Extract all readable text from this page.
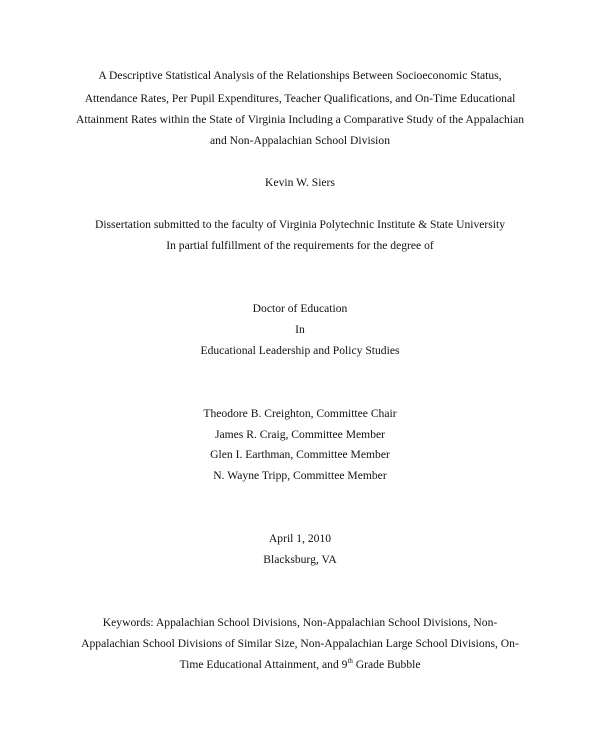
A Descriptive Statistical Analysis of the Relationships Between Socioeconomic Status,
Attendance Rates, Per Pupil Expenditures, Teacher Qualifications, and On-Time Educational
Attainment Rates within the State of Virginia Including a Comparative Study of the Appalachian
and Non-Appalachian School Division
Kevin W. Siers
Dissertation submitted to the faculty of Virginia Polytechnic Institute & State University
In partial fulfillment of the requirements for the degree of
Doctor of Education
In
Educational Leadership and Policy Studies
Theodore B. Creighton, Committee Chair
James R. Craig, Committee Member
Glen I. Earthman, Committee Member
N. Wayne Tripp, Committee Member
April 1, 2010
Blacksburg, VA
Keywords: Appalachian School Divisions, Non-Appalachian School Divisions, Non-
Appalachian School Divisions of Similar Size, Non-Appalachian Large School Divisions, On-
Time Educational Attainment, and 9th Grade Bubble
